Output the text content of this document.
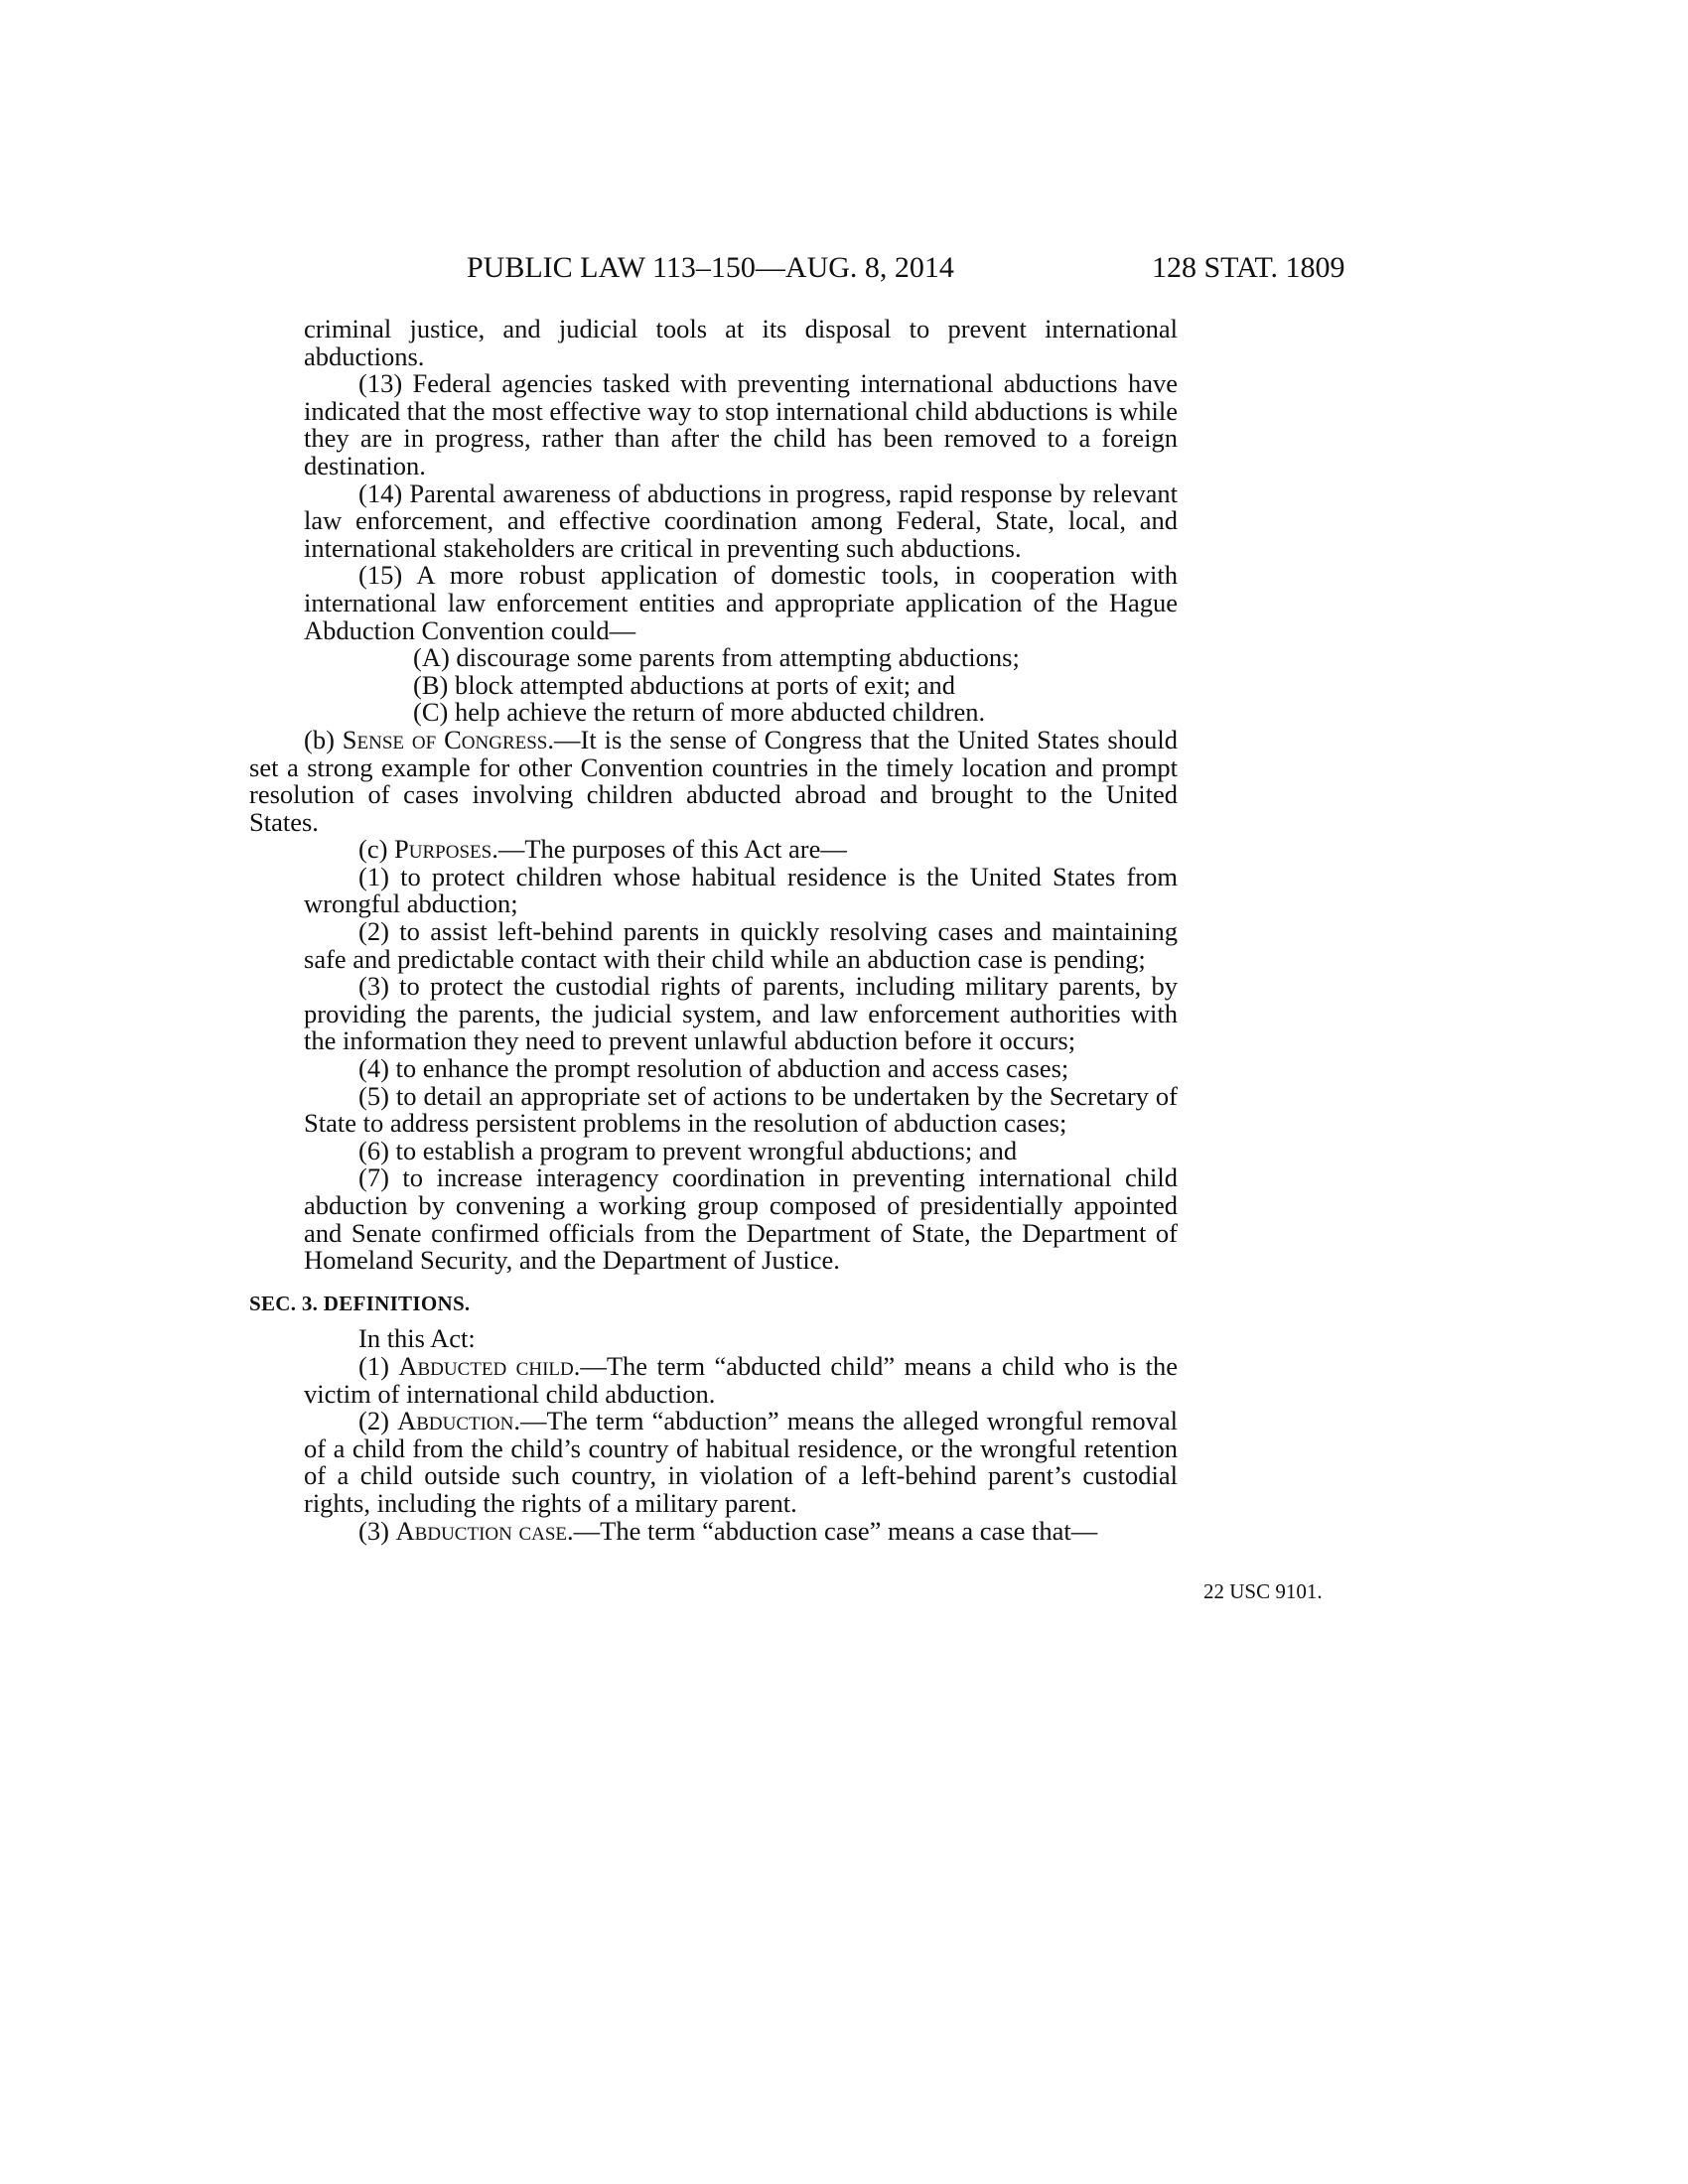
PUBLIC LAW 113–150—AUG. 8, 2014	128 STAT. 1809

criminal justice, and judicial tools at its disposal to prevent international abductions.

(13) Federal agencies tasked with preventing international abductions have indicated that the most effective way to stop international child abductions is while they are in progress, rather than after the child has been removed to a foreign destination.

(14) Parental awareness of abductions in progress, rapid response by relevant law enforcement, and effective coordination among Federal, State, local, and international stakeholders are critical in preventing such abductions.

(15) A more robust application of domestic tools, in cooperation with international law enforcement entities and appropriate application of the Hague Abduction Convention could—

(A) discourage some parents from attempting abductions;

(B) block attempted abductions at ports of exit; and

(C) help achieve the return of more abducted children.

(b) Sense of Congress.—It is the sense of Congress that the United States should set a strong example for other Convention countries in the timely location and prompt resolution of cases involving children abducted abroad and brought to the United States.

(c) Purposes.—The purposes of this Act are—

(1) to protect children whose habitual residence is the United States from wrongful abduction;

(2) to assist left-behind parents in quickly resolving cases and maintaining safe and predictable contact with their child while an abduction case is pending;

(3) to protect the custodial rights of parents, including military parents, by providing the parents, the judicial system, and law enforcement authorities with the information they need to prevent unlawful abduction before it occurs;

(4) to enhance the prompt resolution of abduction and access cases;

(5) to detail an appropriate set of actions to be undertaken by the Secretary of State to address persistent problems in the resolution of abduction cases;

(6) to establish a program to prevent wrongful abductions; and

(7) to increase interagency coordination in preventing international child abduction by convening a working group composed of presidentially appointed and Senate confirmed officials from the Department of State, the Department of Homeland Security, and the Department of Justice.

SEC. 3. DEFINITIONS.

In this Act:

(1) Abducted child.—The term “abducted child” means a child who is the victim of international child abduction.

(2) Abduction.—The term “abduction” means the alleged wrongful removal of a child from the child’s country of habitual residence, or the wrongful retention of a child outside such country, in violation of a left-behind parent’s custodial rights, including the rights of a military parent.

(3) Abduction case.—The term “abduction case” means a case that—

22 USC 9101.
